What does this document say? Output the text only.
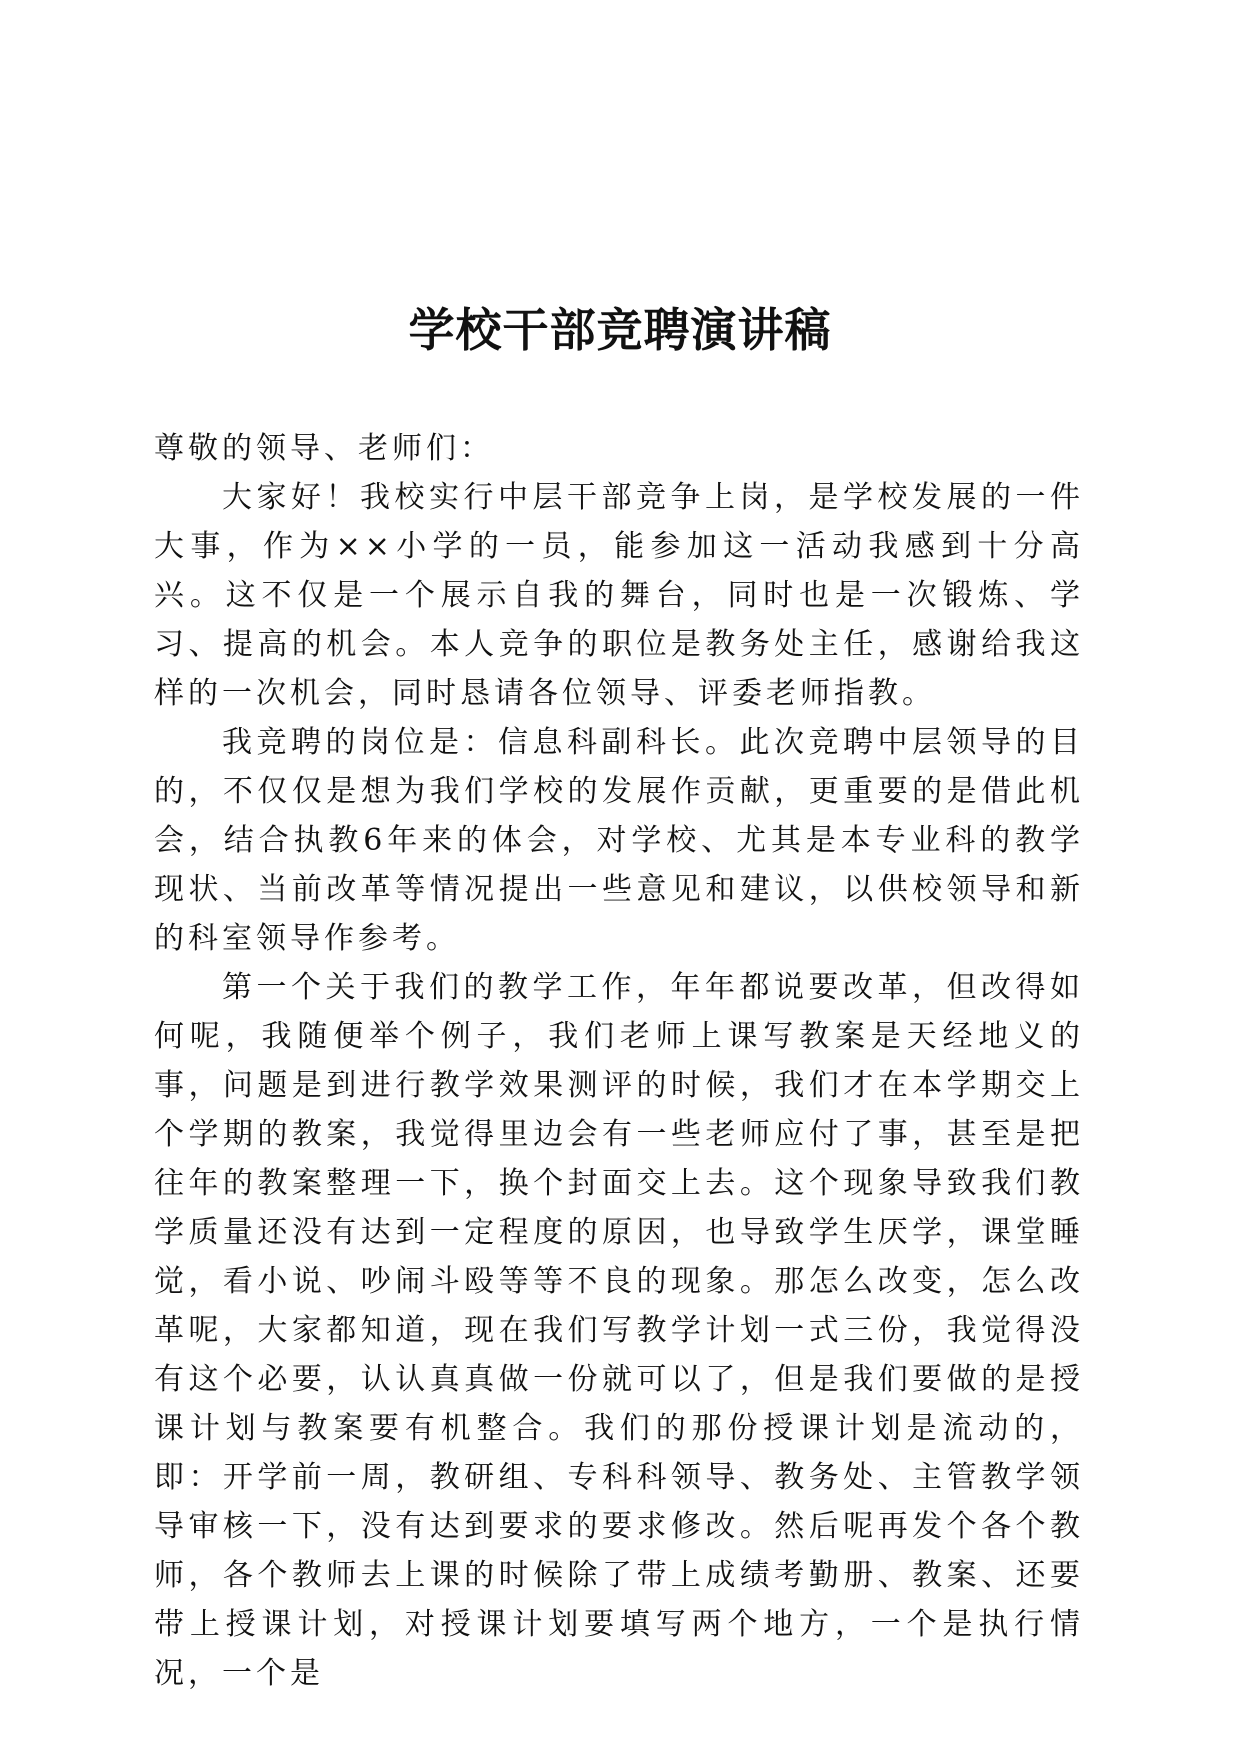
学校干部竞聘演讲稿

尊敬的领导、老师们：

大家好！我校实行中层干部竞争上岗，是学校发展的一件大事，作为××小学的一员，能参加这一活动我感到十分高兴。这不仅是一个展示自我的舞台，同时也是一次锻炼、学习、提高的机会。本人竞争的职位是教务处主任，感谢给我这样的一次机会，同时恳请各位领导、评委老师指教。

我竞聘的岗位是：信息科副科长。此次竞聘中层领导的目的，不仅仅是想为我们学校的发展作贡献，更重要的是借此机会，结合执教6年来的体会，对学校、尤其是本专业科的教学现状、当前改革等情况提出一些意见和建议，以供校领导和新的科室领导作参考。

第一个关于我们的教学工作，年年都说要改革，但改得如何呢，我随便举个例子，我们老师上课写教案是天经地义的事，问题是到进行教学效果测评的时候，我们才在本学期交上个学期的教案，我觉得里边会有一些老师应付了事，甚至是把往年的教案整理一下，换个封面交上去。这个现象导致我们教学质量还没有达到一定程度的原因，也导致学生厌学，课堂睡觉，看小说、吵闹斗殴等等不良的现象。那怎么改变，怎么改革呢，大家都知道，现在我们写教学计划一式三份，我觉得没有这个必要，认认真真做一份就可以了，但是我们要做的是授课计划与教案要有机整合。我们的那份授课计划是流动的，即：开学前一周，教研组、专科科领导、教务处、主管教学领导审核一下，没有达到要求的要求修改。然后呢再发个各个教师，各个教师去上课的时候除了带上成绩考勤册、教案、还要带上授课计划，对授课计划要填写两个地方，一个是执行情况，一个是
